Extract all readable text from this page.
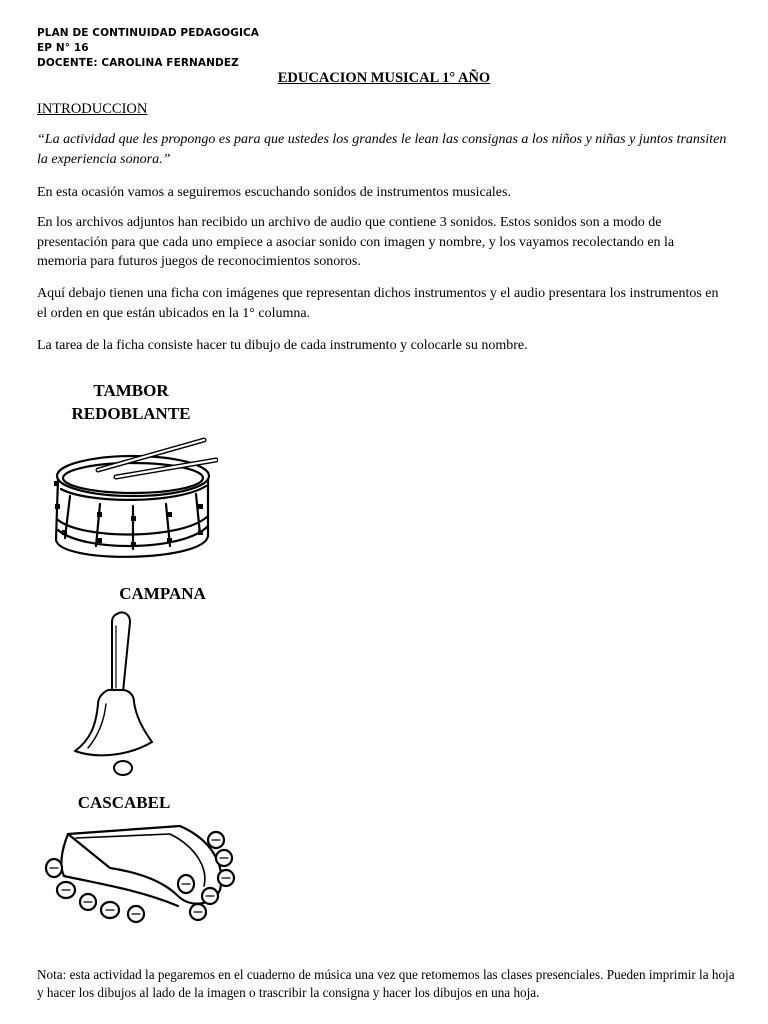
PLAN DE CONTINUIDAD PEDAGOGICA
EP N° 16
DOCENTE: CAROLINA FERNANDEZ
EDUCACION MUSICAL 1° AÑO
INTRODUCCION
“La actividad que les propongo es para que ustedes los grandes le lean las consignas a los niños y niñas y juntos transiten la experiencia sonora.”
En esta ocasión vamos a seguiremos escuchando sonidos de instrumentos musicales.
En los archivos adjuntos han recibido un archivo de audio que contiene 3 sonidos. Estos sonidos son a modo de presentación para que cada uno empiece a asociar sonido con imagen y nombre, y los vayamos recolectando en la memoria para futuros juegos de reconocimientos sonoros.
Aquí debajo tienen una ficha con imágenes que representan dichos instrumentos y el audio presentara los instrumentos en el orden en que están ubicados en la 1° columna.
La tarea de la ficha consiste hacer tu dibujo de cada instrumento y colocarle su nombre.
TAMBOR
REDOBLANTE
CAMPANA
CASCABEL
Nota: esta actividad la pegaremos en el cuaderno de música una vez que retomemos las clases presenciales. Pueden imprimir la hoja y hacer los dibujos al lado de la imagen o trascribir la consigna y hacer los dibujos en una hoja.
